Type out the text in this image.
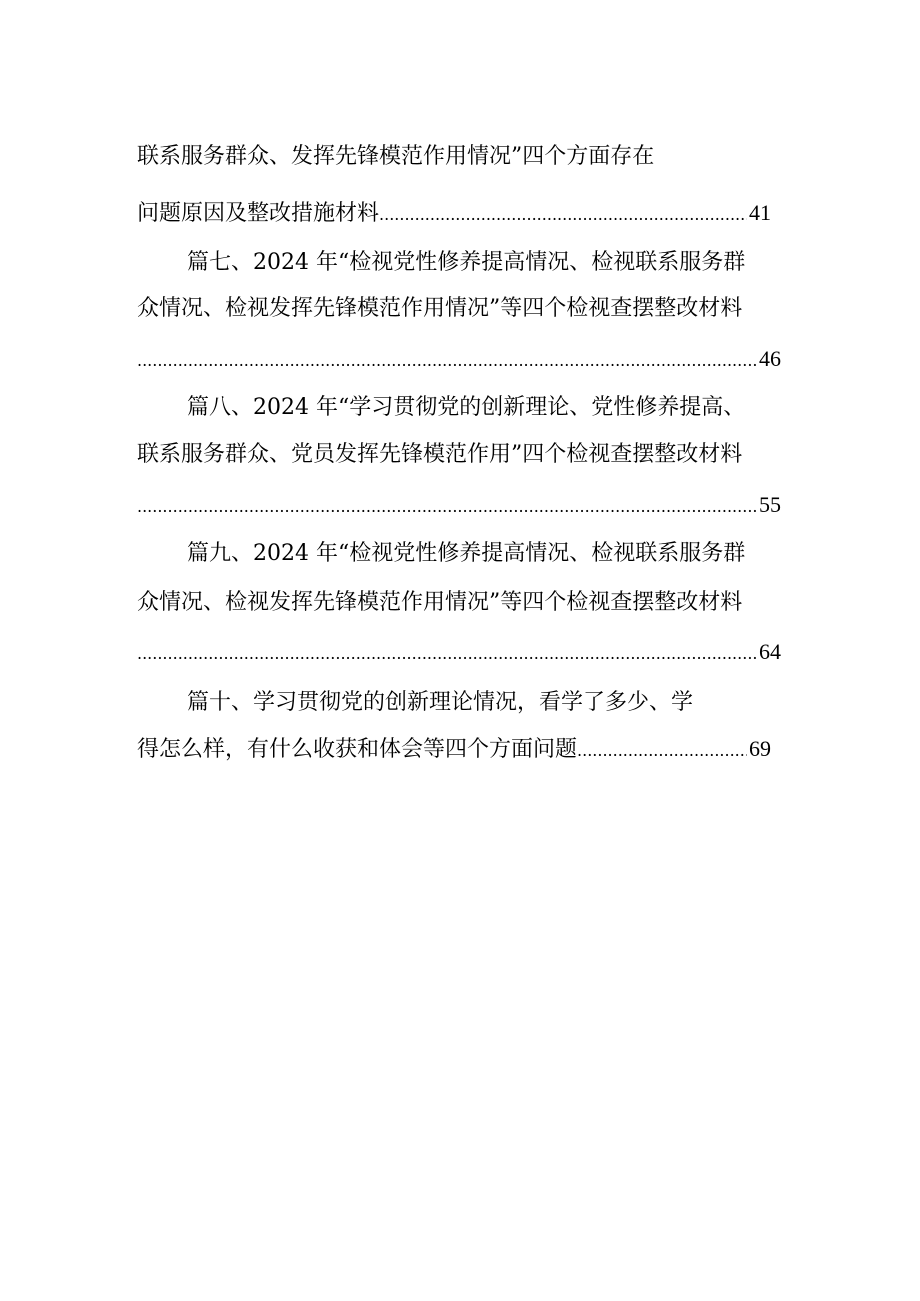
联系服务群众、发挥先锋模范作用情况”四个方面存在
问题原因及整改措施材料 .....	41
篇七、2024 年“检视党性修养提高情况、检视联系服务群
众情况、检视发挥先锋模范作用情况”等四个检视查摆整改材料
.....
46
篇八、2024 年“学习贯彻党的创新理论、党性修养提高、
联系服务群众、党员发挥先锋模范作用”四个检视查摆整改材料
.....
55
篇九、2024 年“检视党性修养提高情况、检视联系服务群
众情况、检视发挥先锋模范作用情况”等四个检视查摆整改材料
.....
64
篇十、学习贯彻党的创新理论情况，看学了多少、学
得怎么样，有什么收获和体会等四个方面问题 .....	69
